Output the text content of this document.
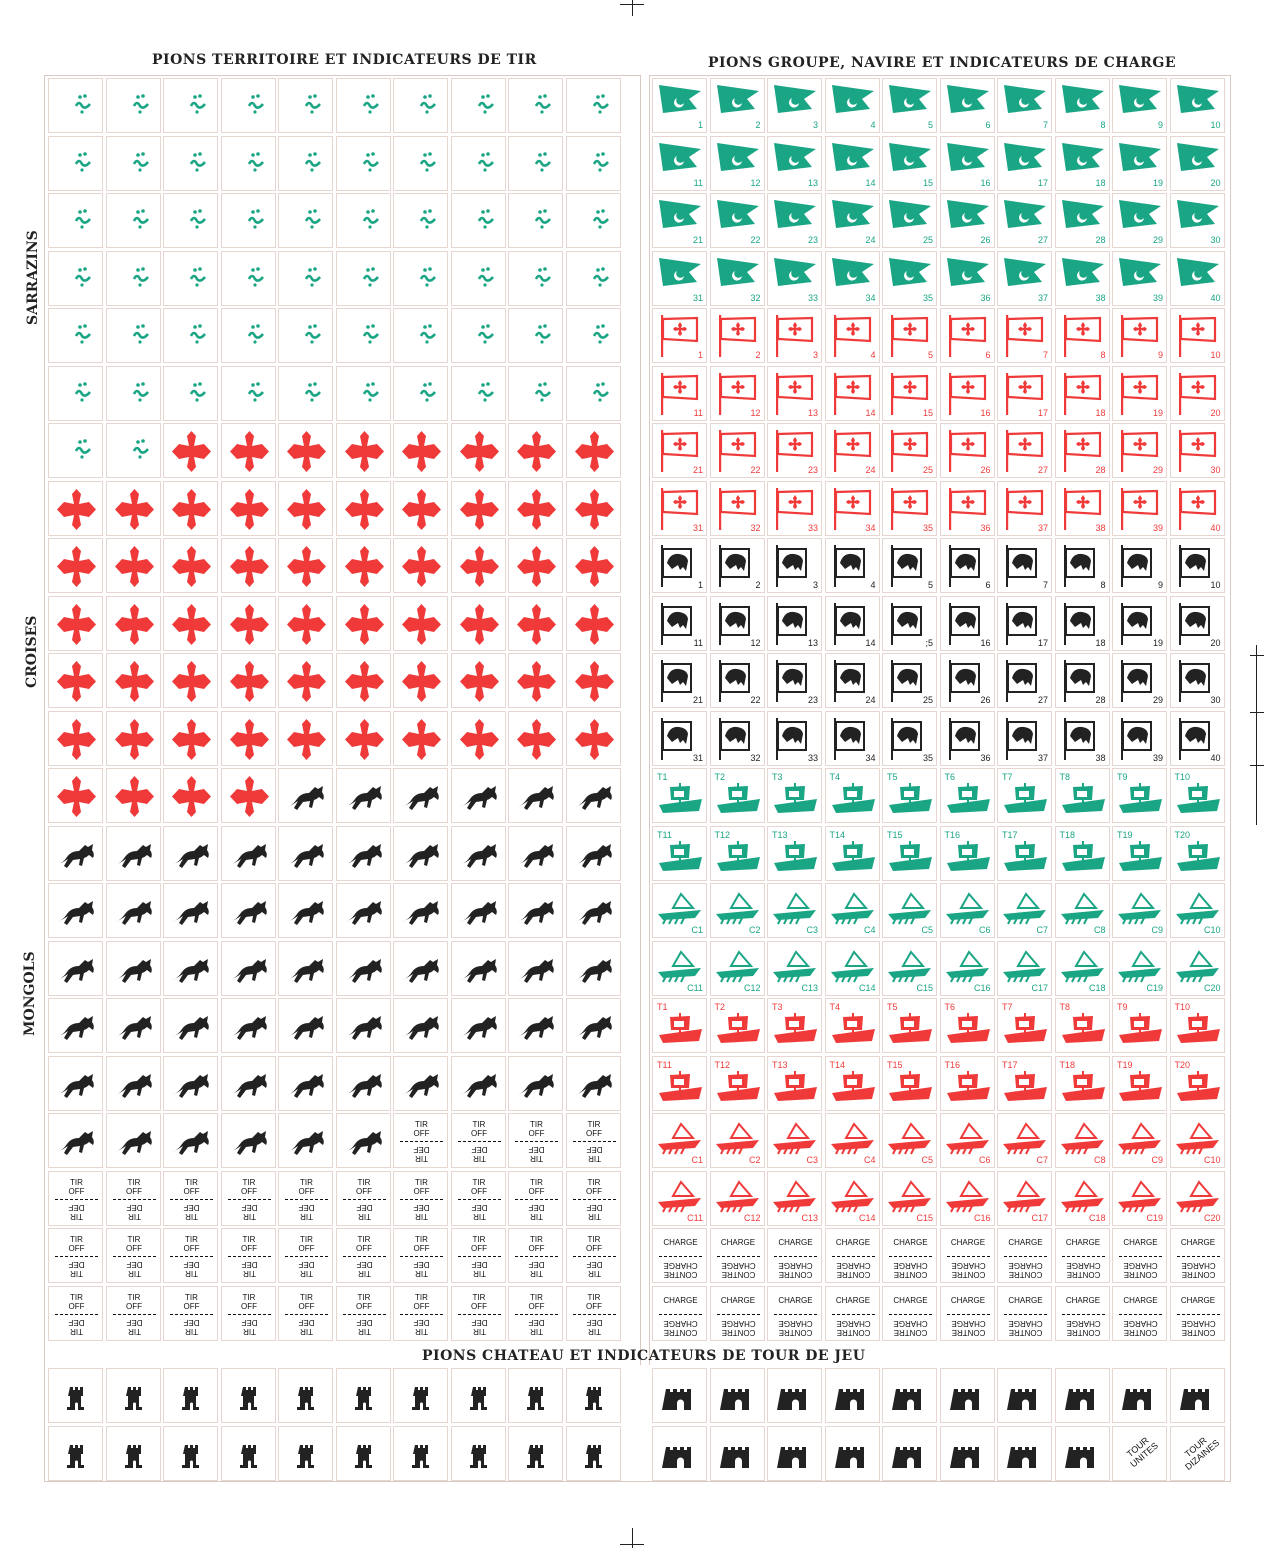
PIONS TERRITOIRE ET INDICATEURS DE TIR	PIONS GROUPE, NAVIRE ET INDICATEURS DE CHARGE
PIONS CHATEAU ET INDICATEURS DE TOUR DE JEU
SARRAZINS
CROISES
MONGOLS
TIR
OFF
TIR
DEF
TIR
OFF
TIR
DEF
TIR
OFF
TIR
DEF
TIR
OFF
TIR
DEF
TIR
OFF
TIR
DEF
TIR
OFF
TIR
DEF
TIR
OFF
TIR
DEF
TIR
OFF
TIR
DEF
TIR
OFF
TIR
DEF
TIR
OFF
TIR
DEF
TIR
OFF
TIR
DEF
TIR
OFF
TIR
DEF
TIR
OFF
TIR
DEF
TIR
OFF
TIR
DEF
TIR
OFF
TIR
DEF
TIR
OFF
TIR
DEF
TIR
OFF
TIR
DEF
TIR
OFF
TIR
DEF
TIR
OFF
TIR
DEF
TIR
OFF
TIR
DEF
TIR
OFF
TIR
DEF
TIR
OFF
TIR
DEF
TIR
OFF
TIR
DEF
TIR
OFF
TIR
DEF
TIR
OFF
TIR
DEF
TIR
OFF
TIR
DEF
TIR
OFF
TIR
DEF
TIR
OFF
TIR
DEF
TIR
OFF
TIR
DEF
TIR
OFF
TIR
DEF
TIR
OFF
TIR
DEF
TIR
OFF
TIR
DEF
TIR
OFF
TIR
DEF
TIR
OFF
TIR
DEF
1	2	3	4	5	6	7	8	9	10
11	12	13	14	15	16	17	18	19	20
21	22	23	24	25	26	27	28	29	30
31	32	33	34	35	36	37	38	39	40
1	2	3	4	5	6	7	8	9	10
11	12	13	14	15	16	17	18	19	20
21	22	23	24	25	26	27	28	29	30
31	32	33	34	35	36	37	38	39	40
1	2	3	4	5	6	7	8	9	10
11	12	13	14	;5	16	17	18	19	20
21	22	23	24	25	26	27	28	29	30
31	32	33	34	35	36	37	38	39	40
T1	T2	T3	T4	T5	T6	T7	T8	T9	T10
T11	T12	T13	T14	T15	T16	T17	T18	T19	T20
C1	C2	C3	C4	C5	C6	C7	C8	C9	C10
C11	C12	C13	C14	C15	C16	C17	C18	C19	C20
T1	T2	T3	T4	T5	T6	T7	T8	T9	T10
T11	T12	T13	T14	T15	T16	T17	T18	T19	T20
C1	C2	C3	C4	C5	C6	C7	C8	C9	C10
C11	C12	C13	C14	C15	C16	C17	C18	C19	C20
CHARGE
CONTRE
CHARGE
CHARGE
CONTRE
CHARGE
CHARGE
CONTRE
CHARGE
CHARGE
CONTRE
CHARGE
CHARGE
CONTRE
CHARGE
CHARGE
CONTRE
CHARGE
CHARGE
CONTRE
CHARGE
CHARGE
CONTRE
CHARGE
CHARGE
CONTRE
CHARGE
CHARGE
CONTRE
CHARGE
CHARGE
CONTRE
CHARGE
CHARGE
CONTRE
CHARGE
CHARGE
CONTRE
CHARGE
CHARGE
CONTRE
CHARGE
CHARGE
CONTRE
CHARGE
CHARGE
CONTRE
CHARGE
CHARGE
CONTRE
CHARGE
CHARGE
CONTRE
CHARGE
CHARGE
CONTRE
CHARGE
CHARGE
CONTRE
CHARGE
TOUR
UNITES	TOUR
DIZAINES
